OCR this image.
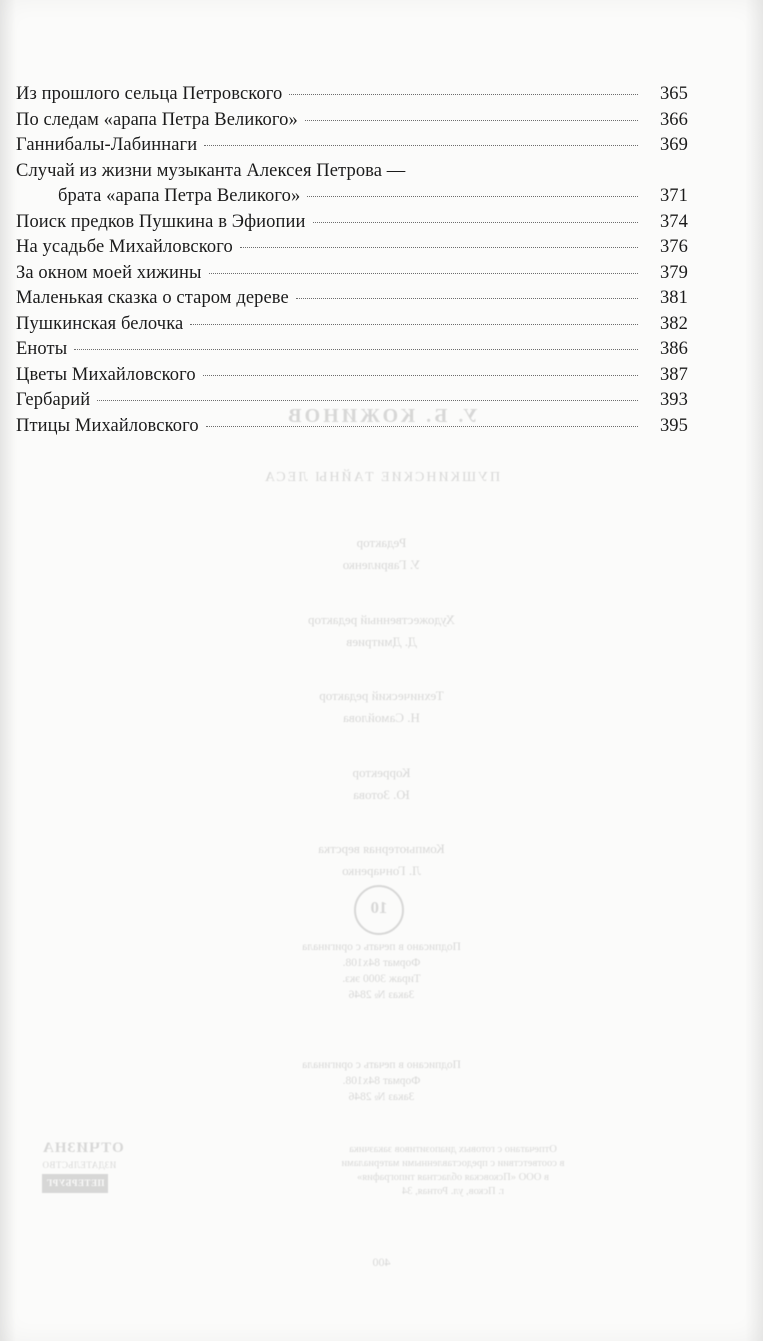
У. Б. КОЖИНОВ
ПУШКИНСКИЕ ТАЙНЫ ЛЕСА
Редактор
У. Гавриленко
Художественный редактор
Д. Дмитриев
Технический редактор
Н. Самойлова
Корректор
Ю. Зотова
Компьютерная верстка
Л. Гончаренко
10
Подписано в печать с оригинала
Формат 84х108.
Тираж 3000 экз.
Заказ № 2846
Подписано в печать с оригинала
Формат 84х108.
Заказ № 2846
Отпечатано с готовых диапозитивов заказчика
в соответствии с предоставленными материалами
в ООО «Псковская областная типография»
г. Псков, ул. Ротная, 34
ОТЧИЗНА
ИЗДАТЕЛЬСТВО
ПЕТЕРБУРГ
400
Из прошлого сельца Петровского	365
По следам «арапа Петра Великого»	366
Ганнибалы-Лабиннаги	369
Случай из жизни музыканта Алексея Петрова —
брата «арапа Петра Великого»	371
Поиск предков Пушкина в Эфиопии	374
На усадьбе Михайловского	376
За окном моей хижины	379
Маленькая сказка о старом дереве	381
Пушкинская белочка	382
Еноты	386
Цветы Михайловского	387
Гербарий	393
Птицы Михайловского	395
